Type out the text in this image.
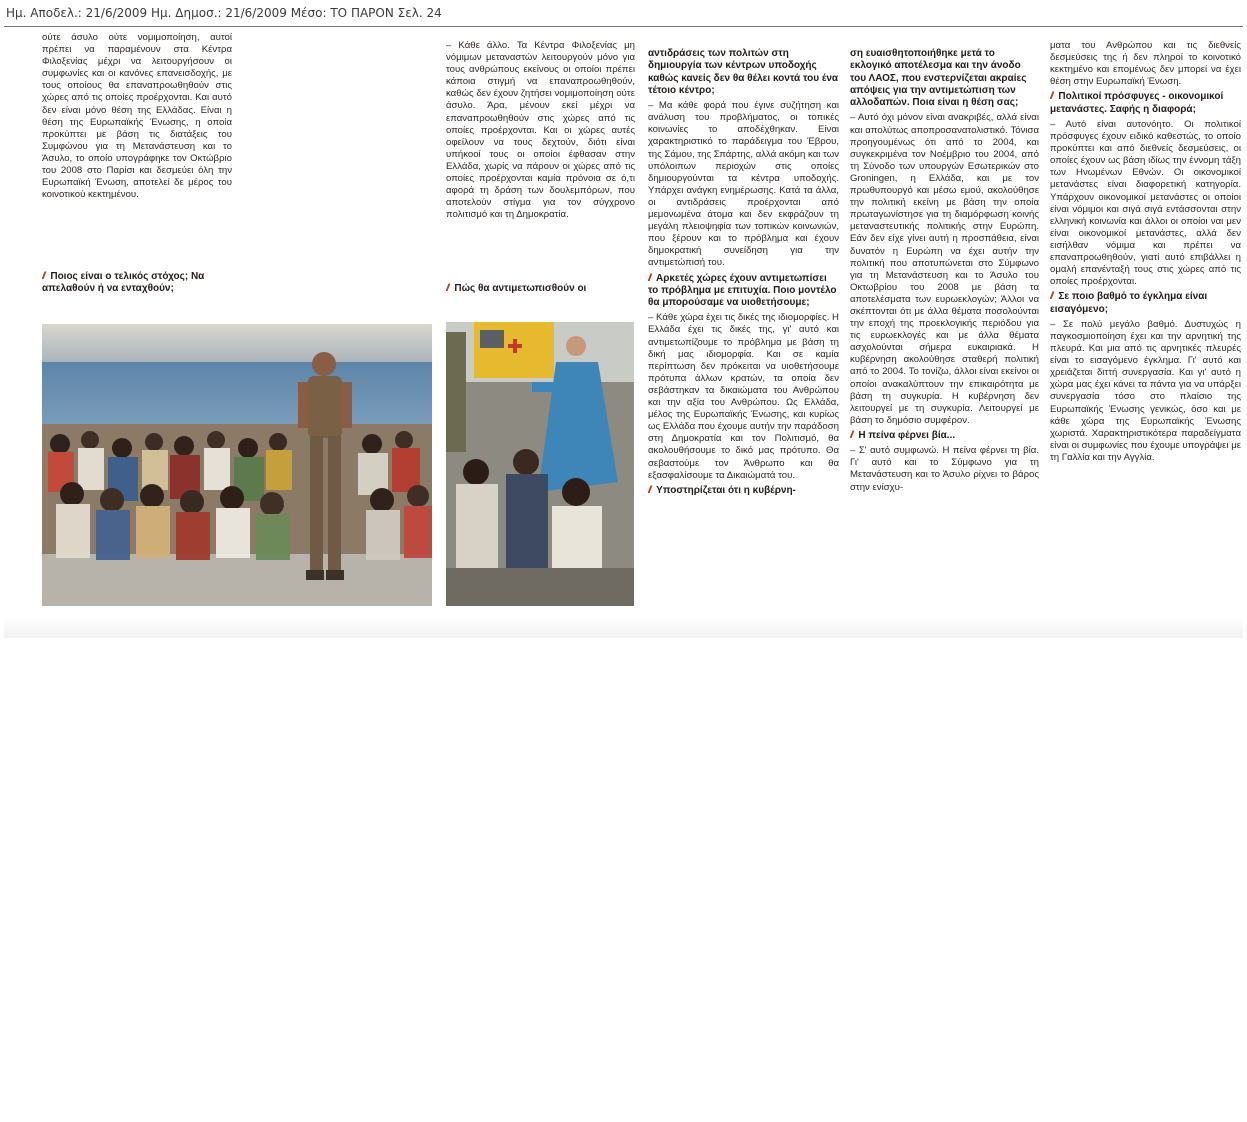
Ημ. Αποδελ.: 21/6/2009 Ημ. Δημοσ.: 21/6/2009 Μέσο: ΤΟ ΠΑΡΟΝ Σελ. 24
ούτε άσυλο ούτε νομιμοποίηση, αυτοί πρέπει να παραμένουν στα Κέντρα Φιλοξενίας μέχρι να λειτουργήσουν οι συμφωνίες και οι κανόνες επανεισδοχής, με τους οποίους θα επαναπροωθηθούν στις χώρες από τις οποίες προέρχονται. Και αυτό δεν είναι μόνο θέση της Ελλάδας. Είναι η θέση της Ευρωπαϊκής Ένωσης, η οποία προκύπτει με βάση τις διατάξεις του Συμφώνου για τη Μετανάστευση και το Άσυλο, το οποίο υπογράφηκε τον Οκτώβριο του 2008 στο Παρίσι και δεσμεύει όλη την Ευρωπαϊκή Ένωση, αποτελεί δε μέρος του κοινοτικού κεκτημένου.
// Ποιος είναι ο τελικός στόχος; Να απελαθούν ή να ενταχθούν;
– Κάθε άλλο. Τα Κέντρα Φιλοξενίας μη νόμιμων μεταναστών λειτουργούν μόνο για τους ανθρώπους εκείνους οι οποίοι πρέπει κάποια στιγμή να επαναπροωθηθούν, καθώς δεν έχουν ζητήσει νομιμοποίηση ούτε άσυλο. Άρα, μένουν εκεί μέχρι να επαναπροωθηθούν στις χώρες από τις οποίες προέρχονται. Και οι χώρες αυτές οφείλουν να τους δεχτούν, διότι είναι υπήκοοί τους οι οποίοι έφθασαν στην Ελλάδα, χωρίς να πάρουν οι χώρες από τις οποίες προέρχονται καμία πρόνοια σε ό,τι αφορά τη δράση των δουλεμπόρων, που αποτελούν στίγμα για τον σύγχρονο πολιτισμό και τη Δημοκρατία.
// Πώς θα αντιμετωπισθούν οι
αντιδράσεις των πολιτών στη δημιουργία των κέντρων υποδοχής καθώς κανείς δεν θα θέλει κοντά του ένα τέτοιο κέντρο;
– Μα κάθε φορά που έγινε συζήτηση και ανάλυση του προβλήματος, οι τοπικές κοινωνίες το αποδέχθηκαν. Είναι χαρακτηριστικό το παράδειγμα του Έβρου, της Σάμου, της Σπάρτης, αλλά ακόμη και των υπόλοιπων περιοχών στις οποίες δημιουργούνται τα κέντρα υποδοχής. Υπάρχει ανάγκη ενημέρωσης. Κατά τα άλλα, οι αντιδράσεις προέρχονται από μεμονωμένα άτομα και δεν εκφράζουν τη μεγάλη πλειοψηφία των τοπικών κοινωνιών, που ξέρουν και το πρόβλημα και έχουν δημοκρατική συνείδηση για την αντιμετώπισή του.
// Αρκετές χώρες έχουν αντιμετωπίσει το πρόβλημα με επιτυχία. Ποιο μοντέλο θα μπορούσαμε να υιοθετήσουμε;
– Κάθε χώρα έχει τις δικές της ιδιομορφίες. Η Ελλάδα έχει τις δικές της, γι' αυτό και αντιμετωπίζουμε το πρόβλημα με βάση τη δική μας ιδιομορφία. Και σε καμία περίπτωση δεν πρόκειται να υιοθετήσουμε πρότυπα άλλων κρατών, τα οποία δεν σεβάστηκαν τα δικαιώματα του Ανθρώπου και την αξία του Ανθρώπου. Ως Ελλάδα, μέλος της Ευρωπαϊκής Ένωσης, και κυρίως ως Ελλάδα που έχουμε αυτήν την παράδοση στη Δημοκρατία και τον Πολιτισμό, θα ακολουθήσουμε το δικό μας πρότυπο. Θα σεβαστούμε τον Άνθρωπο και θα εξασφαλίσουμε τα Δικαιώματά του.
// Υποστηρίζεται ότι η κυβέρνη-
ση ευαισθητοποιήθηκε μετά το εκλογικό αποτέλεσμα και την άνοδο του ΛΑΟΣ, που ενστερνίζεται ακραίες απόψεις για την αντιμετώπιση των αλλοδαπών. Ποια είναι η θέση σας;
– Αυτό όχι μόνον είναι ανακριβές, αλλά είναι και απολύτως αποπροσανατολιστικό. Τόνισα προηγουμένως ότι από το 2004, και συγκεκριμένα τον Νοέμβριο του 2004, από τη Σύνοδο των υπουργών Εσωτερικών στο Groningen, η Ελλάδα, και με τον πρωθυπουργό και μέσω εμού, ακολούθησε την πολιτική εκείνη με βάση την οποία πρωταγωνίστησε για τη διαμόρφωση κοινής μεταναστευτικής πολιτικής στην Ευρώπη. Εάν δεν είχε γίνει αυτή η προσπάθεια, είναι δυνατόν η Ευρώπη να έχει αυτήν την πολιτική που αποτυπώνεται στο Σύμφωνο για τη Μετανάστευση και το Άσυλο του Οκτωβρίου του 2008 με βάση τα αποτελέσματα των ευρωεκλογών; Άλλοι να σκέπτονται ότι με άλλα θέματα ποσολούνται την εποχή της προεκλογικής περιόδου για τις ευρωεκλογές και με άλλα θέματα ασχολούνται σήμερα ευκαιριακά. Η κυβέρνηση ακολούθησε σταθερή πολιτική από το 2004. Το τονίζω, άλλοι είναι εκείνοι οι οποίοι ανακαλύπτουν την επικαιρότητα με βάση τη συγκυρία. Η κυβέρνηση δεν λειτουργεί με τη συγκυρία. Λειτουργεί με βάση το δημόσιο συμφέρον.
// Η πείνα φέρνει βία...
– Σ' αυτό συμφωνώ. Η πείνα φέρνει τη βία. Γι' αυτό και το Σύμφωνο για τη Μετανάστευση και το Άσυλο ρίχνει το βάρος στην ενίσχυ-
ματα του Ανθρώπου και τις διεθνείς δεσμεύσεις της ή δεν πληροί το κοινοτικό κεκτημένο και επομένως δεν μπορεί να έχει θέση στην Ευρωπαϊκή Ένωση.
// Πολιτικοί πρόσφυγες - οικονομικοί μετανάστες. Σαφής η διαφορά;
– Αυτό είναι αυτονόητο. Οι πολιτικοί πρόσφυγες έχουν ειδικό καθεστώς, το οποίο προκύπτει και από διεθνείς δεσμεύσεις, οι οποίες έχουν ως βάση ιδίως την έννομη τάξη των Ηνωμένων Εθνών. Οι οικονομικοί μετανάστες είναι διαφορετική κατηγορία. Υπάρχουν οικονομικοί μετανάστες οι οποίοι είναι νόμιμοι και σιγά σιγά εντάσσονται στην ελληνική κοινωνία και άλλοι οι οποίοι ναι μεν είναι οικονομικοί μετανάστες, αλλά δεν εισήλθαν νόμιμα και πρέπει να επαναπροωθηθούν, γιατί αυτό επιβάλλει η ομαλή επανένταξή τους στις χώρες από τις οποίες προέρχονται.
// Σε ποιο βαθμό το έγκλημα είναι εισαγόμενο;
– Σε πολύ μεγάλο βαθμό. Δυστυχώς η παγκοσμιοποίηση έχει και την αρνητική της πλευρά. Και μια από τις αρνητικές πλευρές είναι το εισαγόμενο έγκλημα. Γι' αυτό και χρειάζεται διττή συνεργασία. Και γι' αυτό η χώρα μας έχει κάνει τα πάντα για να υπάρξει συνεργασία τόσο στο πλαίσιο της Ευρωπαϊκής Ένωσης γενικώς, όσο και με κάθε χώρα της Ευρωπαϊκής Ένωσης χωριστά. Χαρακτηριστικότερα παραδείγματα είναι οι συμφωνίες που έχουμε υπογράψει με τη Γαλλία και την Αγγλία.
